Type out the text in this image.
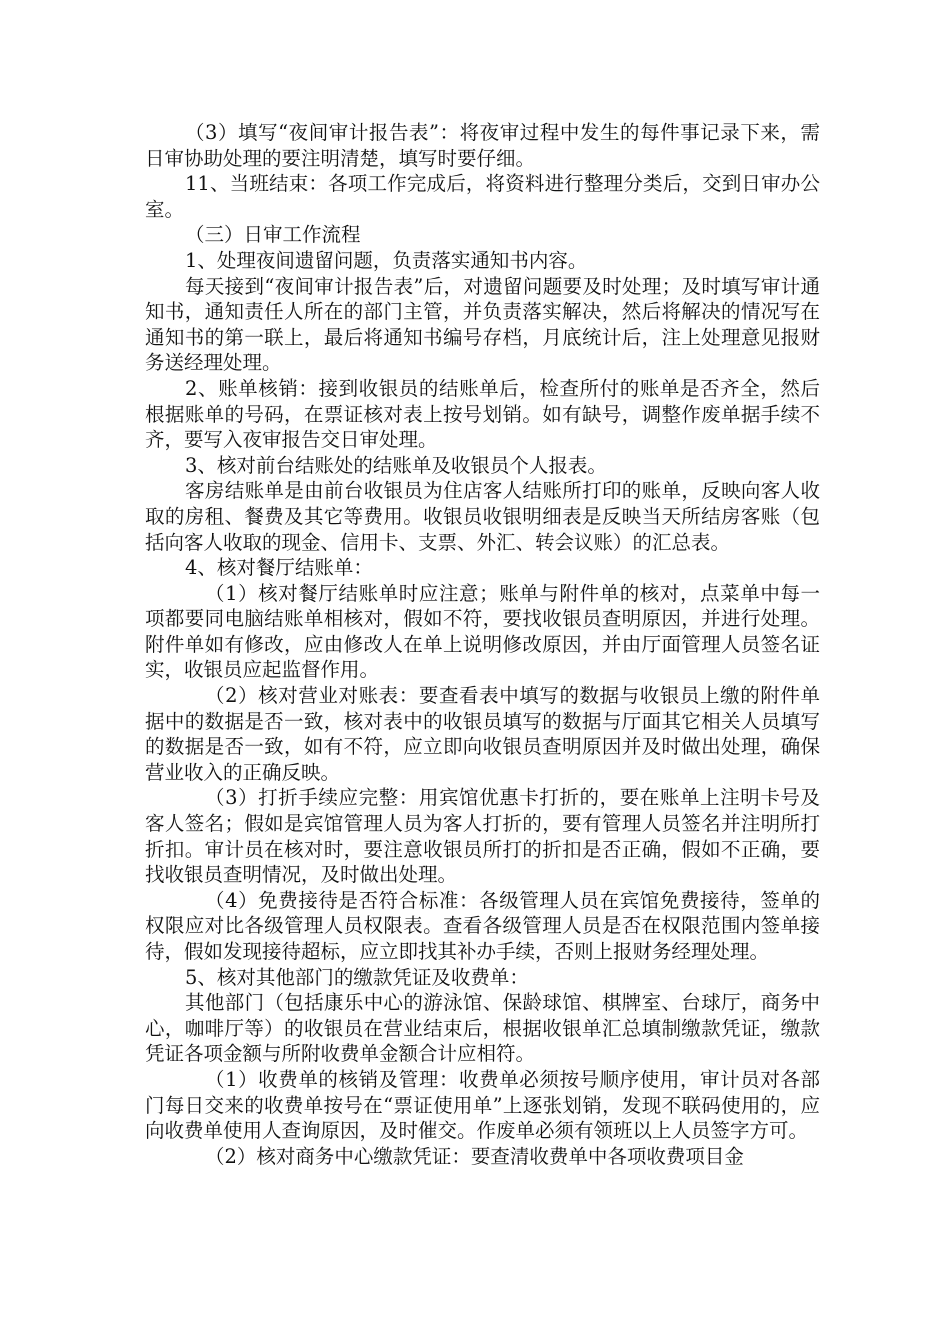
（3）填写“夜间审计报告表”：将夜审过程中发生的每件事记录下来，需日审协助处理的要注明清楚，填写时要仔细。

11、当班结束：各项工作完成后，将资料进行整理分类后，交到日审办公室。

（三）日审工作流程

1、处理夜间遗留问题，负责落实通知书内容。

每天接到“夜间审计报告表”后，对遗留问题要及时处理；及时填写审计通知书，通知责任人所在的部门主管，并负责落实解决，然后将解决的情况写在通知书的第一联上，最后将通知书编号存档，月底统计后，注上处理意见报财务送经理处理。

2、账单核销：接到收银员的结账单后，检查所付的账单是否齐全，然后根据账单的号码，在票证核对表上按号划销。如有缺号，调整作废单据手续不齐，要写入夜审报告交日审处理。

3、核对前台结账处的结账单及收银员个人报表。

客房结账单是由前台收银员为住店客人结账所打印的账单，反映向客人收取的房租、餐费及其它等费用。收银员收银明细表是反映当天所结房客账（包括向客人收取的现金、信用卡、支票、外汇、转会议账）的汇总表。

4、核对餐厅结账单：

（1）核对餐厅结账单时应注意；账单与附件单的核对，点菜单中每一项都要同电脑结账单相核对，假如不符，要找收银员查明原因，并进行处理。附件单如有修改，应由修改人在单上说明修改原因，并由厅面管理人员签名证实，收银员应起监督作用。

（2）核对营业对账表：要查看表中填写的数据与收银员上缴的附件单据中的数据是否一致，核对表中的收银员填写的数据与厅面其它相关人员填写的数据是否一致，如有不符，应立即向收银员查明原因并及时做出处理，确保营业收入的正确反映。

（3）打折手续应完整：用宾馆优惠卡打折的，要在账单上注明卡号及客人签名；假如是宾馆管理人员为客人打折的，要有管理人员签名并注明所打折扣。审计员在核对时，要注意收银员所打的折扣是否正确，假如不正确，要找收银员查明情况，及时做出处理。

（4）免费接待是否符合标准：各级管理人员在宾馆免费接待，签单的权限应对比各级管理人员权限表。查看各级管理人员是否在权限范围内签单接待，假如发现接待超标，应立即找其补办手续，否则上报财务经理处理。

5、核对其他部门的缴款凭证及收费单：

其他部门（包括康乐中心的游泳馆、保龄球馆、棋牌室、台球厅，商务中心，咖啡厅等）的收银员在营业结束后，根据收银单汇总填制缴款凭证，缴款凭证各项金额与所附收费单金额合计应相符。

（1）收费单的核销及管理：收费单必须按号顺序使用，审计员对各部门每日交来的收费单按号在“票证使用单”上逐张划销，发现不联码使用的，应向收费单使用人查询原因，及时催交。作废单必须有领班以上人员签字方可。

（2）核对商务中心缴款凭证：要查清收费单中各项收费项目金
